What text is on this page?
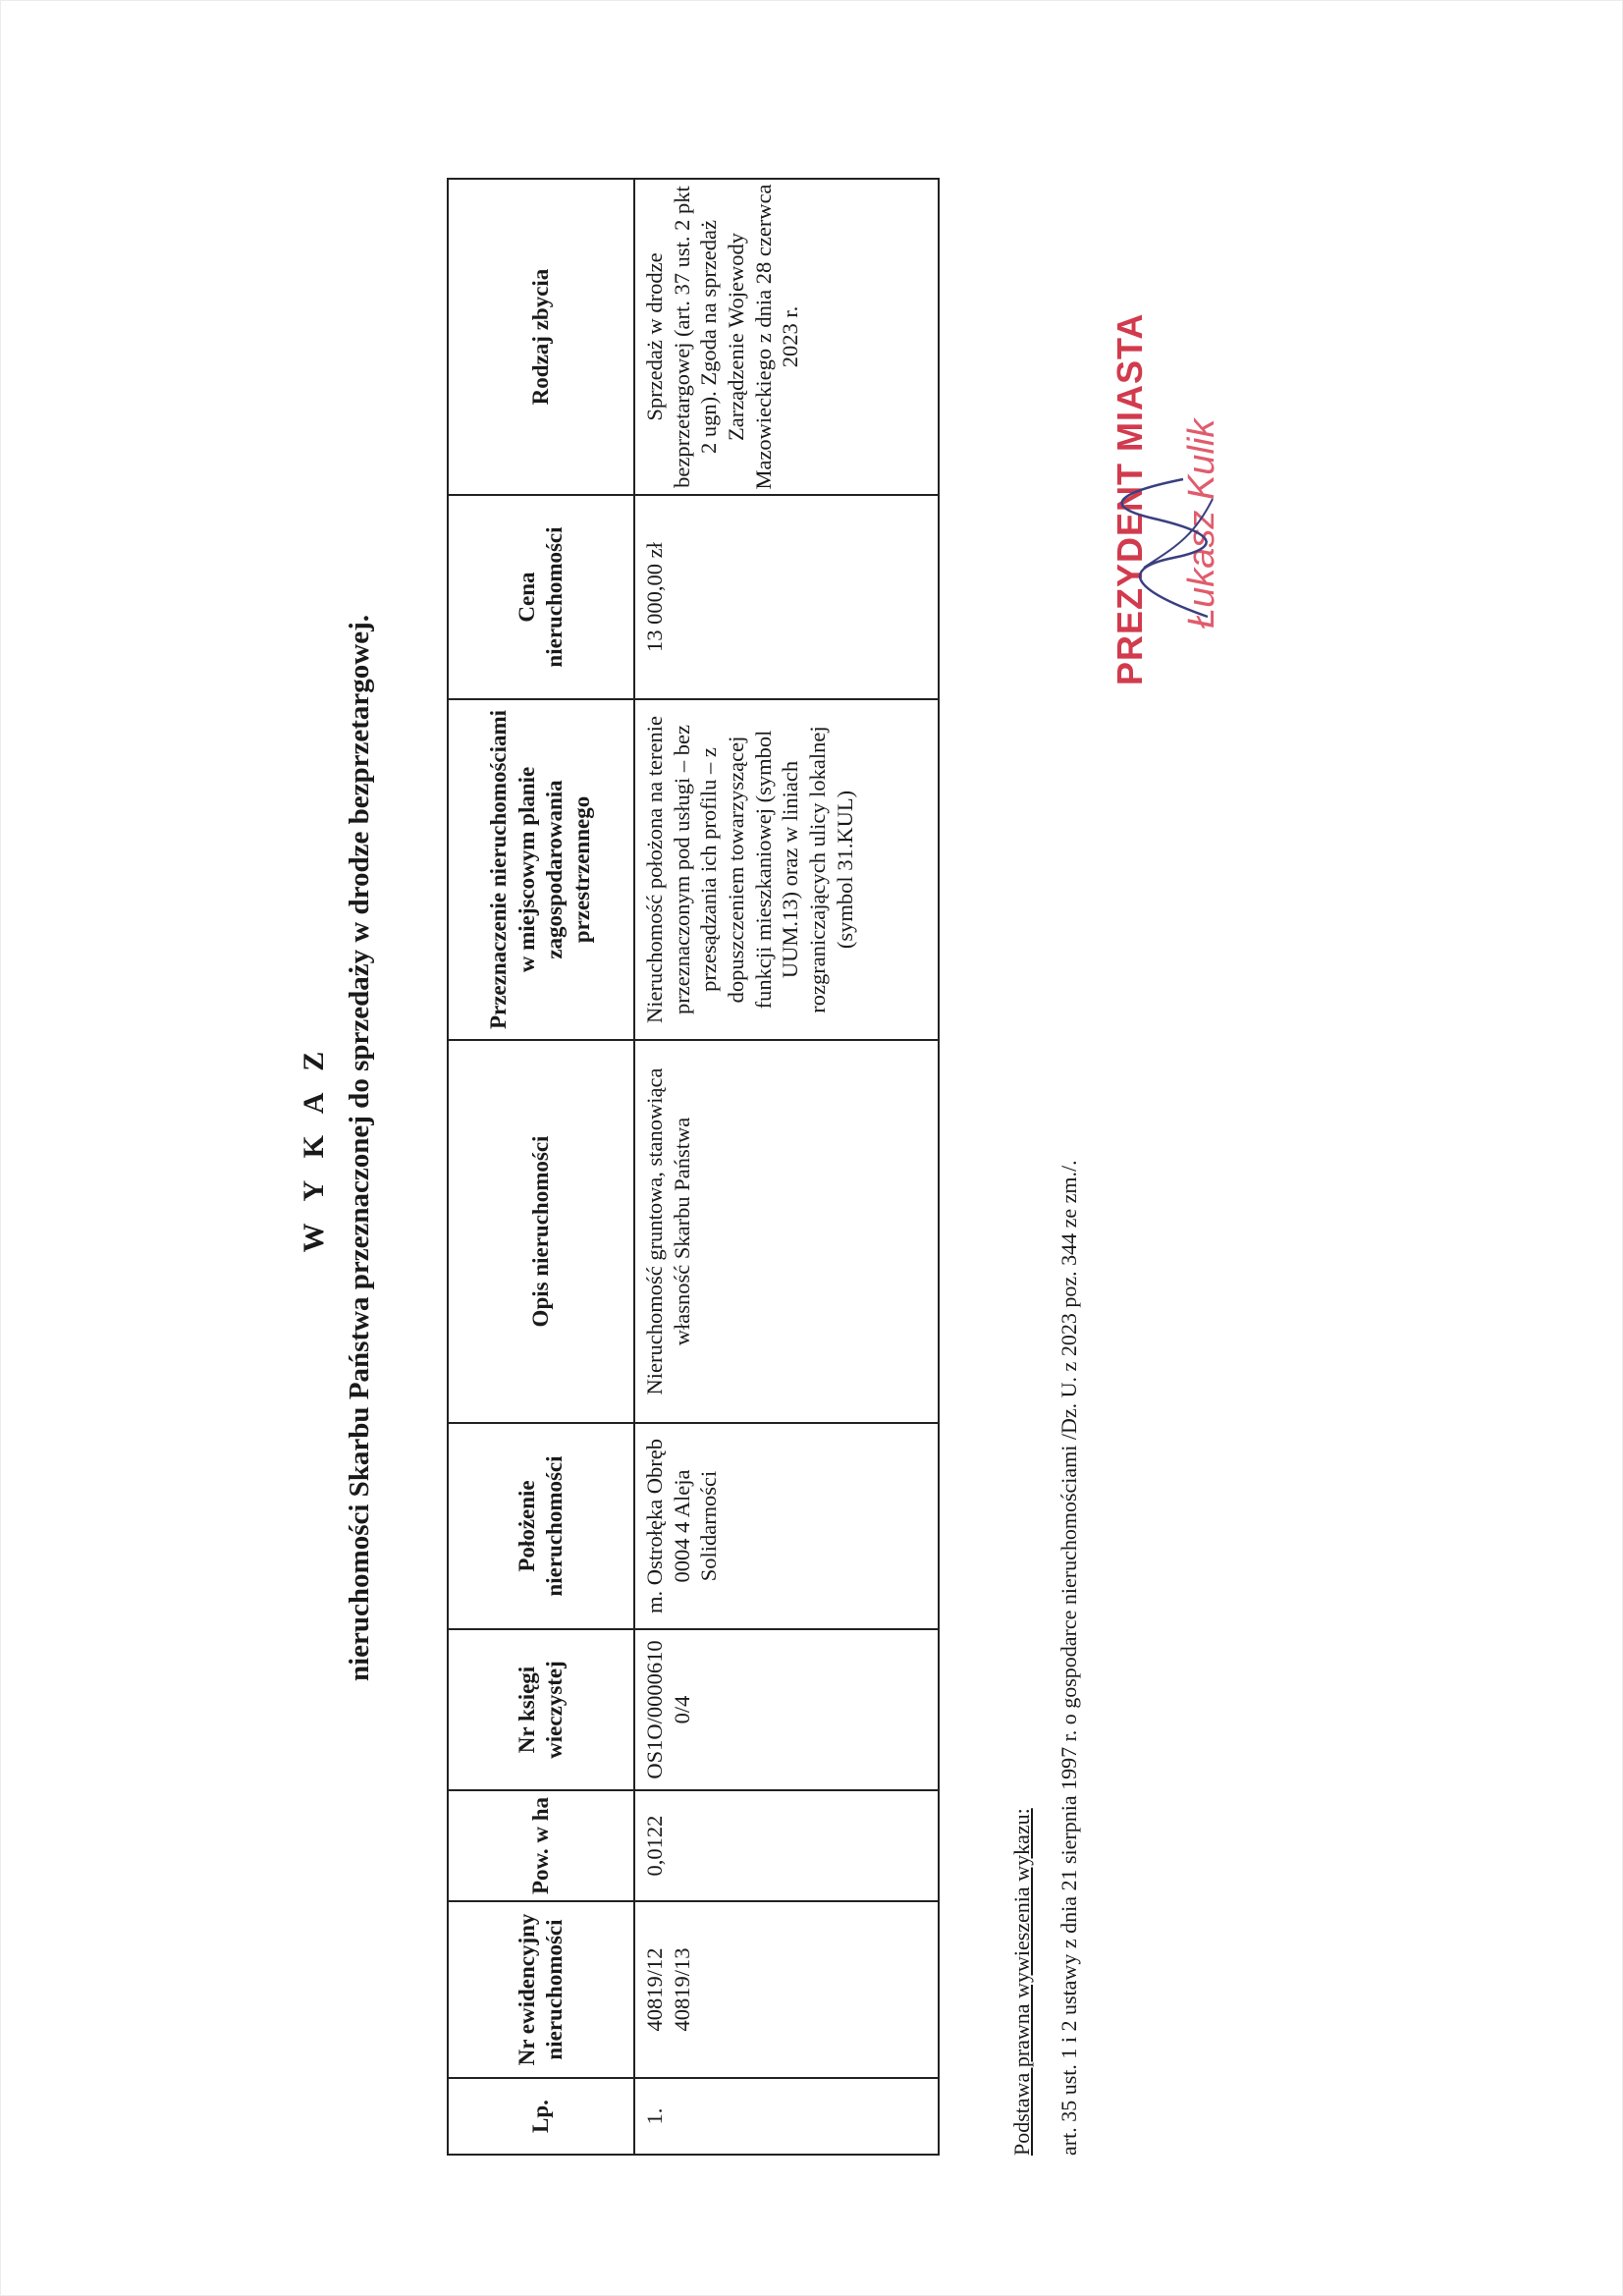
W Y K A Z nieruchomości Skarbu Państwa przeznaczonej do sprzedaży w drodze bezprzetargowej.
Lp.	Nr ewidencyjny nieruchomości	Pow. w ha	Nr księgi wieczystej	Położenie nieruchomości	Opis nieruchomości	Przeznaczenie nieruchomościami w miejscowym planie zagospodarowania przestrzennego	Cena nieruchomości	Rodzaj zbycia
1.	40819/12 40819/13	0,0122	OS1O/00006100/4	m. Ostrołęka Obręb 0004 4 Aleja Solidarności	Nieruchomość gruntowa, stanowiąca własność Skarbu Państwa	Nieruchomość położona na terenie przeznaczonym pod usługi – bez przesądzania ich profilu – z dopuszczeniem towarzyszącej funkcji mieszkaniowej (symbol UUM.13) oraz w liniach rozgraniczających ulicy lokalnej (symbol 31.KUL)	13 000,00 zł	Sprzedaż w drodze bezprzetargowej (art. 37 ust. 2 pkt 2 ugn). Zgoda na sprzedaż Zarządzenie Wojewody Mazowieckiego z dnia 28 czerwca 2023 r.
Podstawa prawna wywieszenia wykazu: art. 35 ust. 1 i 2 ustawy z dnia 21 sierpnia 1997 r. o gospodarce nieruchomościami /Dz. U. z 2023 poz. 344 ze zm./.
PREZYDENT MIASTA Łukasz Kulik
